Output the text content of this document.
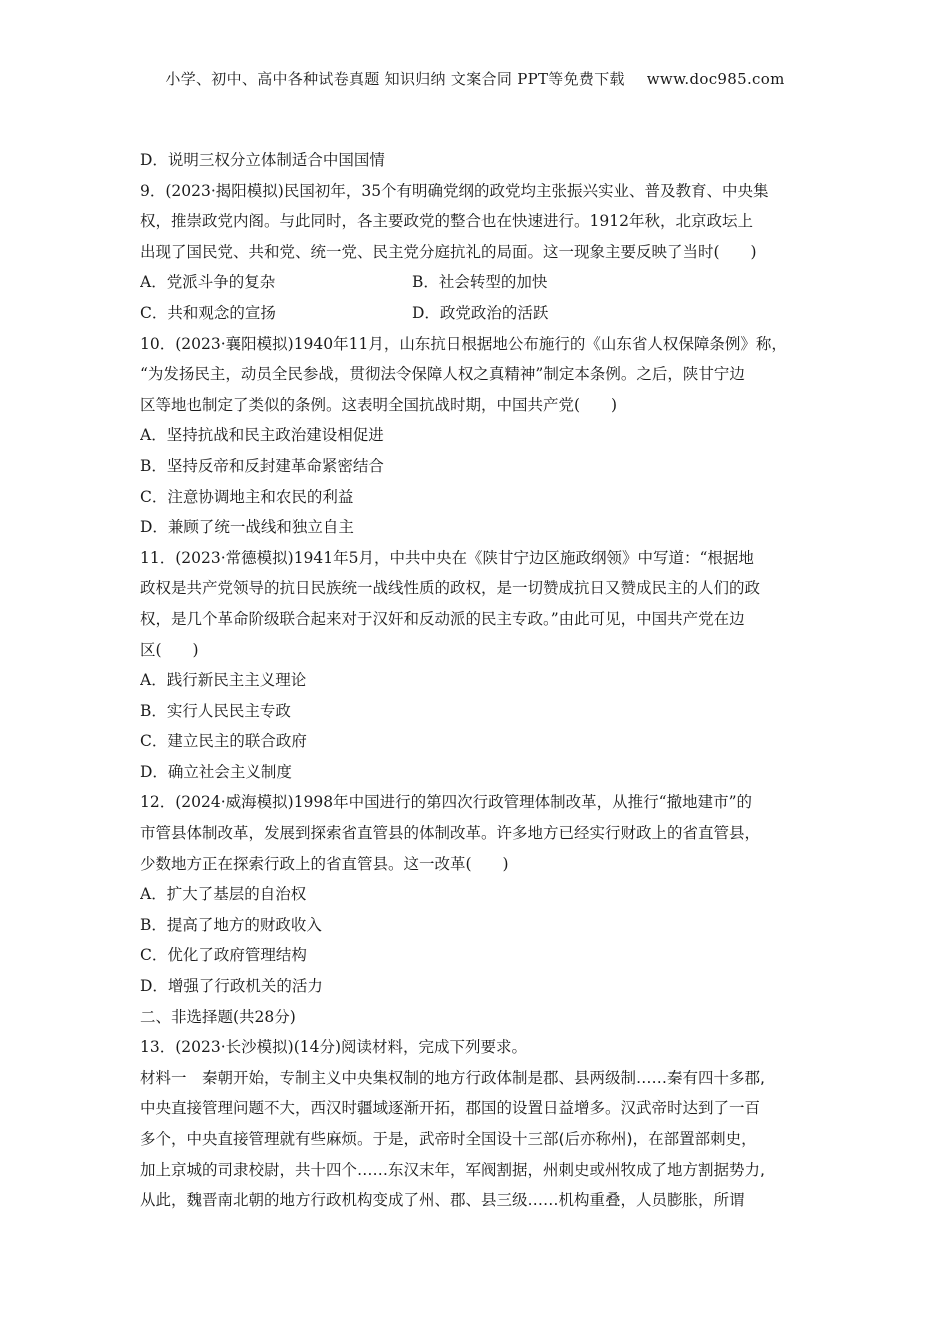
小学、初中、高中各种试卷真题 知识归纳 文案合同 PPT等免费下载 www.doc985.com
D．说明三权分立体制适合中国国情
9．(2023·揭阳模拟)民国初年，35个有明确党纲的政党均主张振兴实业、普及教育、中央集
权，推崇政党内阁。与此同时，各主要政党的整合也在快速进行。1912年秋，北京政坛上
出现了国民党、共和党、统一党、民主党分庭抗礼的局面。这一现象主要反映了当时(　　)
A．党派斗争的复杂	B．社会转型的加快
C．共和观念的宣扬	D．政党政治的活跃
10．(2023·襄阳模拟)1940年11月，山东抗日根据地公布施行的《山东省人权保障条例》称，
“为发扬民主，动员全民参战，贯彻法令保障人权之真精神”制定本条例。之后，陕甘宁边
区等地也制定了类似的条例。这表明全国抗战时期，中国共产党(　　)
A．坚持抗战和民主政治建设相促进
B．坚持反帝和反封建革命紧密结合
C．注意协调地主和农民的利益
D．兼顾了统一战线和独立自主
11．(2023·常德模拟)1941年5月，中共中央在《陕甘宁边区施政纲领》中写道：“根据地
政权是共产党领导的抗日民族统一战线性质的政权，是一切赞成抗日又赞成民主的人们的政
权，是几个革命阶级联合起来对于汉奸和反动派的民主专政。”由此可见，中国共产党在边
区(　　)
A．践行新民主主义理论
B．实行人民民主专政
C．建立民主的联合政府
D．确立社会主义制度
12．(2024·威海模拟)1998年中国进行的第四次行政管理体制改革，从推行“撤地建市”的
市管县体制改革，发展到探索省直管县的体制改革。许多地方已经实行财政上的省直管县，
少数地方正在探索行政上的省直管县。这一改革(　　)
A．扩大了基层的自治权
B．提高了地方的财政收入
C．优化了政府管理结构
D．增强了行政机关的活力
二、非选择题(共28分)
13．(2023·长沙模拟)(14分)阅读材料，完成下列要求。
材料一　秦朝开始，专制主义中央集权制的地方行政体制是郡、县两级制……秦有四十多郡,
中央直接管理问题不大，西汉时疆域逐渐开拓，郡国的设置日益增多。汉武帝时达到了一百
多个，中央直接管理就有些麻烦。于是，武帝时全国设十三部(后亦称州)，在部置部刺史，
加上京城的司隶校尉，共十四个……东汉末年，军阀割据，州刺史或州牧成了地方割据势力,
从此，魏晋南北朝的地方行政机构变成了州、郡、县三级……机构重叠，人员膨胀，所谓
